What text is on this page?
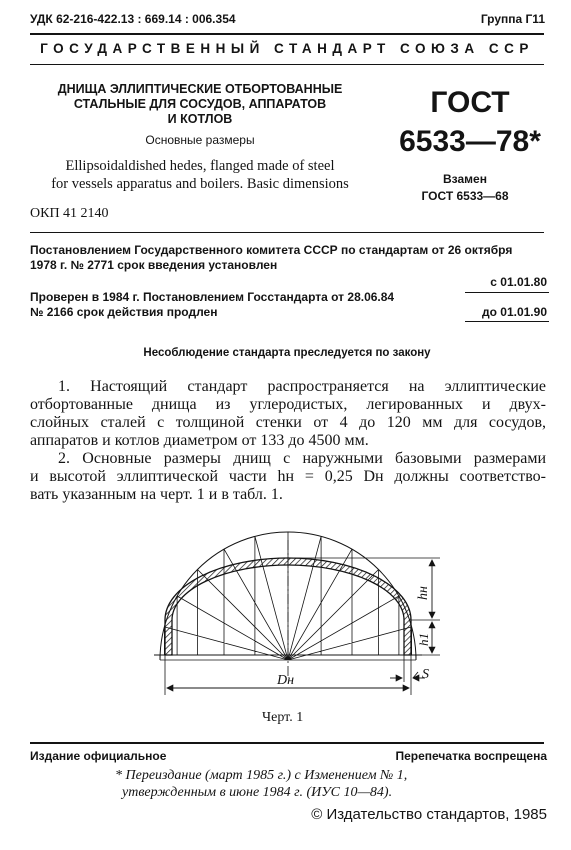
УДК 62-216-422.13 : 669.14 : 006.354	Группа Г11
ГОСУДАРСТВЕННЫЙ СТАНДАРТ СОЮЗА ССР
ДНИЩА ЭЛЛИПТИЧЕСКИЕ ОТБОРТОВАННЫЕ
СТАЛЬНЫЕ ДЛЯ СОСУДОВ, АППАРАТОВ
И КОТЛОВ
Основные размеры
Ellipsoidaldished hedes, flanged made of steel
for vessels apparatus and boilers. Basic dimensions
ОКП 41 2140
ГОСТ
6533—78*
Взамен
ГОСТ 6533—68
Постановлением Государственного комитета СССР по стандартам от 26 октября
1978 г. № 2771 срок введения установлен
с 01.01.80
Проверен в 1984 г. Постановлением Госстандарта от 28.06.84
№ 2166 срок действия продлен	до 01.01.90
Несоблюдение стандарта преследуется по закону
1. Настоящий стандарт распространяется на эллиптические
отбортованные днища из углеродистых, легированных и двух-
слойных сталей с толщиной стенки от 4 до 120 мм для сосудов,
аппаратов и котлов диаметром от 133 до 4500 мм.
2. Основные размеры днищ с наружными базовыми размерами
и высотой эллиптической части hн = 0,25 Dн должны соответство-
вать указанным на черт. 1 и в табл. 1.
hн
h1
Dн	S
Черт. 1
Издание официальное	Перепечатка воспрещена
* Переиздание (март 1985 г.) с Изменением № 1,
утвержденным в июне 1984 г. (ИУС 10—84).
© Издательство стандартов, 1985
